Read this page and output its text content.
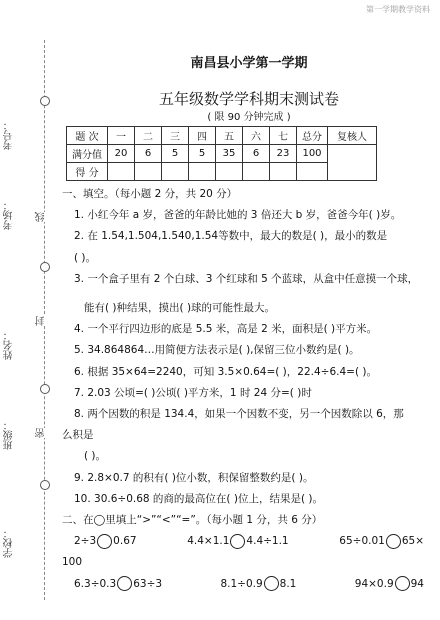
第一学期教学资料
考号：
考场：
姓名：
班级：
学校：
线
封
密
南昌县小学第一学期
五年级数学学科期末测试卷
( 限 90 分钟完成 )
题 次	一	二	三	四	五	六	七	总分	复核人
满分值	20	6	5	5	35	6	23	100	
得 分									
一、填空。（每小题 2 分，共 20 分）
1. 小红今年 a 岁，爸爸的年龄比她的 3 倍还大 b 岁，爸爸今年( )岁。
2. 在 1.54,1.504,1.540,1.5̇4̇等数中，最大的数是( )，最小的数是
( )。
3. 一个盒子里有 2 个白球、3 个红球和 5 个蓝球，从盒中任意摸一个球，
能有( )种结果，摸出( )球的可能性最大。
4. 一个平行四边形的底是 5.5 米，高是 2 米，面积是( )平方米。
5. 34.864864…用简便方法表示是( ),保留三位小数约是( )。
6. 根据 35×64=2240，可知 3.5×0.64=( )，22.4÷6.4=( )。
7. 2.03 公顷=( )公顷( )平方米，1 时 24 分=( )时
8. 两个因数的积是 134.4，如果一个因数不变，另一个因数除以 6，那
么积是
( )。
9. 2.8×0.7 的积有( )位小数，积保留整数约是( )。
10. 30.6÷0.68 的商的最高位在( )位上，结果是( )。
二、在◯里填上“>”“<”“=”。（每小题 1 分，共 6 分）
2÷3 0.67	4.4×1.1 4.4÷1.1	65÷0.01 65×
100
6.3÷0.3 63÷3	8.1÷0.9 8.1	94×0.9 94
